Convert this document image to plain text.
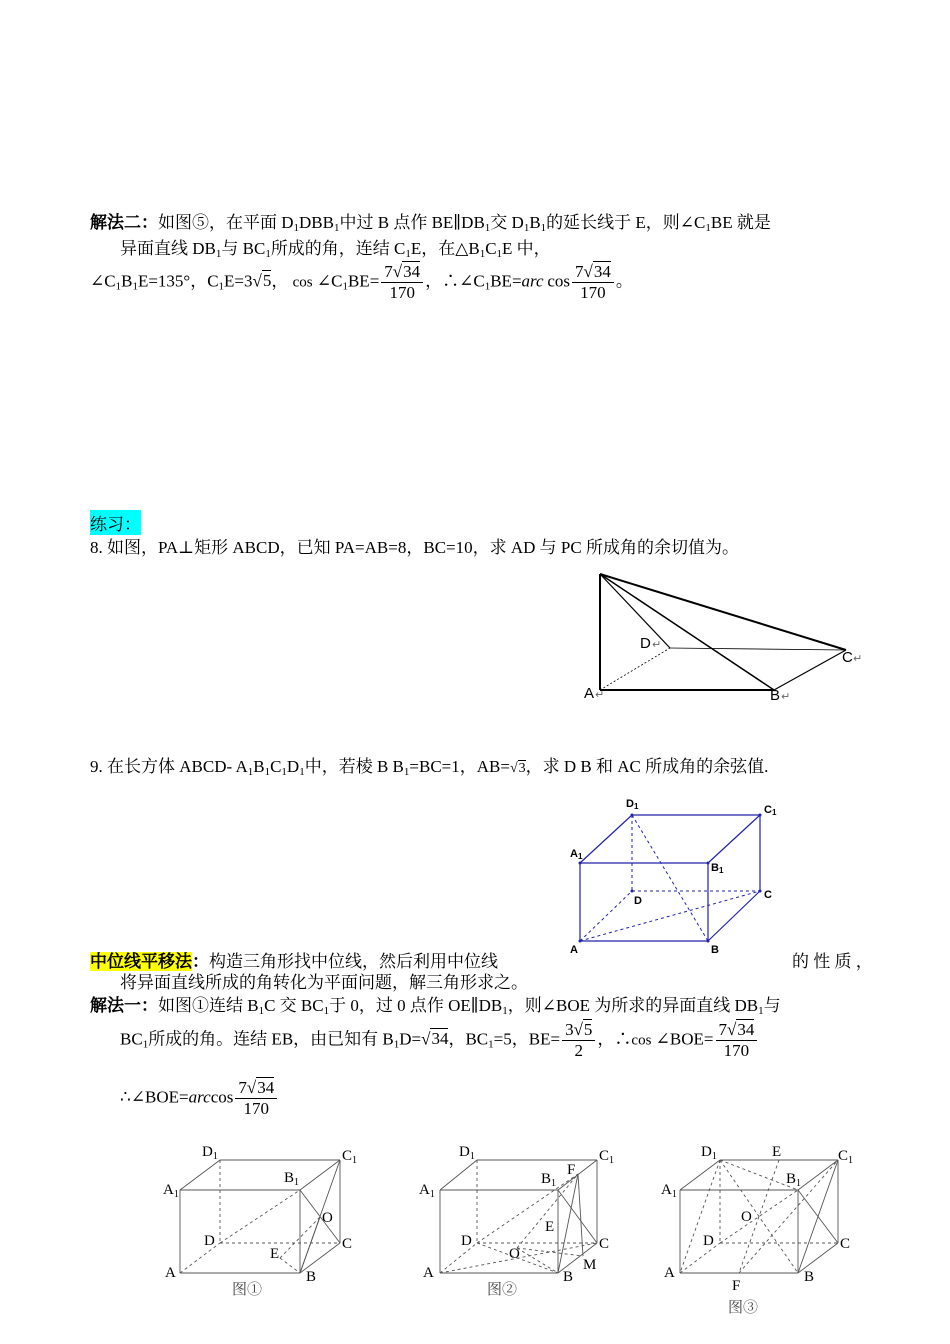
解法二：如图⑤，在平面 $D_1DBB_1$中过 B 点作 $BE\parallel DB_1$交 $D_1B_1$的延长线于 E，则$\angle C_1BE$ 就是
异面直线 $DB_1$与 $BC_1$所成的角，连结 $C_1E$，在$\triangle B_1C_1E$ 中，
$\angle C_1B_1E=135^\circ$，$C_1E=3√5$， $\cos \angle C_1BE= \frac{7√34}{170}$ ，$\therefore\angle C_1BE=arc$ $\cos \frac{7√34}{170}$ 。
练习：
8. 如图，PA⊥矩形 ABCD，已知 PA=AB=8，BC=10，求 AD 与 PC 所成角的余切值为。
D ↵
C ↵
A ↵	B ↵
9. 在长方体 ABCD- $A_1B_1C_1D_1$中，若棱 B $B_1=BC=1$，AB=√3，求 D B 和 AC 所成角的余弦值.
D1	C1
A1
B1
D	C
A	B
中位线平移法：构造三角形找中位线，然后利用中位线	的 性 质 ，
将异面直线所成的角转化为平面问题，解三角形求之。
解法一：如图①连结 $B_1C$ 交 $BC_1$于 0，过 0 点作 $OE\parallel DB_1$，则∠BOE 为所求的异面直线 $DB_1$与
$BC_1$所成的角。连结 EB，由已知有 $B_1D=√34$，$BC_1=5$，$BE= \frac{3√5}{2}$ ，∴cos ∠BOE= $\frac{7√34}{170}$
∴∠BOE=arccos $\frac{7√34}{170}$
$D_1$	$C_1$
$A_1$
$B_1$
D	C
A	B
O
E
图①
$D_1$	$C_1$
$A_1$
$B_1$
F
E
D	C
O
M
A	B
图②
$D_1$	E	$C_1$
$A_1$
$B_1$
O
D	C
A	B
F
图③
